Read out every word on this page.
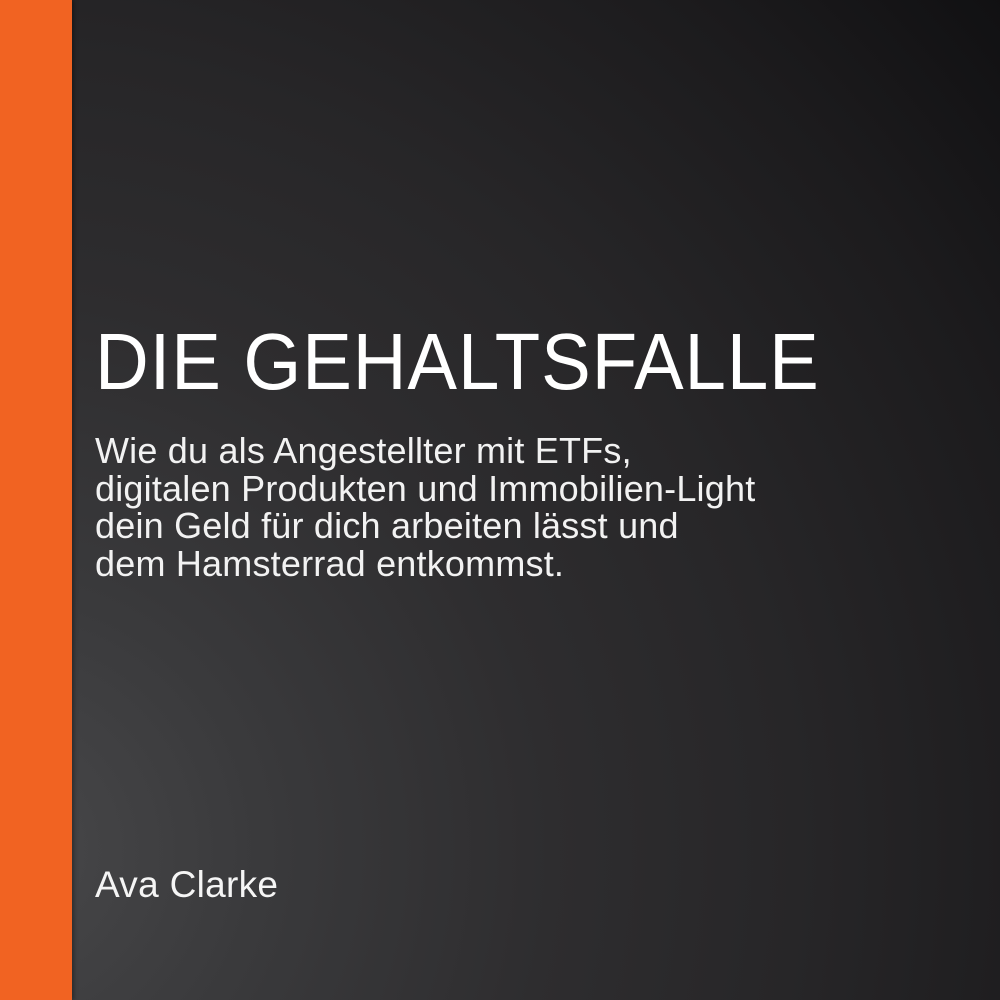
DIE GEHALTSFALLE

Wie du als Angestellter mit ETFs,
digitalen Produkten und Immobilien-Light
dein Geld für dich arbeiten lässt und
dem Hamsterrad entkommst.

Ava Clarke
